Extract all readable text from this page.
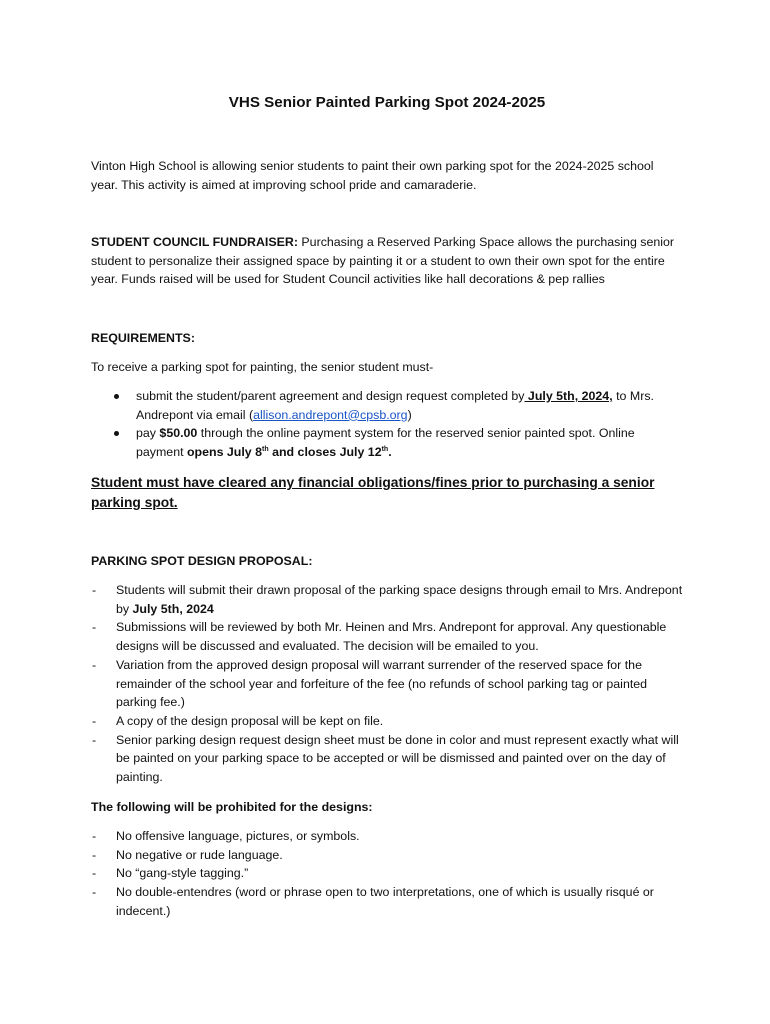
VHS Senior Painted Parking Spot 2024-2025

Vinton High School is allowing senior students to paint their own parking spot for the 2024-2025 school year. This activity is aimed at improving school pride and camaraderie.

STUDENT COUNCIL FUNDRAISER: Purchasing a Reserved Parking Space allows the purchasing senior student to personalize their assigned space by painting it or a student to own their own spot for the entire year. Funds raised will be used for Student Council activities like hall decorations & pep rallies

REQUIREMENTS:

To receive a parking spot for painting, the senior student must-

submit the student/parent agreement and design request completed by July 5th, 2024, to Mrs. Andrepont via email (allison.andrepont@cpsb.org)
pay $50.00 through the online payment system for the reserved senior painted spot. Online payment opens July 8th and closes July 12th.
Student must have cleared any financial obligations/fines prior to purchasing a senior parking spot.

PARKING SPOT DESIGN PROPOSAL:

- Students will submit their drawn proposal of the parking space designs through email to Mrs. Andrepont by July 5th, 2024
- Submissions will be reviewed by both Mr. Heinen and Mrs. Andrepont for approval. Any questionable designs will be discussed and evaluated. The decision will be emailed to you.
- Variation from the approved design proposal will warrant surrender of the reserved space for the remainder of the school year and forfeiture of the fee (no refunds of school parking tag or painted parking fee.)
- A copy of the design proposal will be kept on file.
- Senior parking design request design sheet must be done in color and must represent exactly what will be painted on your parking space to be accepted or will be dismissed and painted over on the day of painting.

The following will be prohibited for the designs:

- No offensive language, pictures, or symbols.
- No negative or rude language.
- No “gang-style tagging.”
- No double-entendres (word or phrase open to two interpretations, one of which is usually risqué or indecent.)
